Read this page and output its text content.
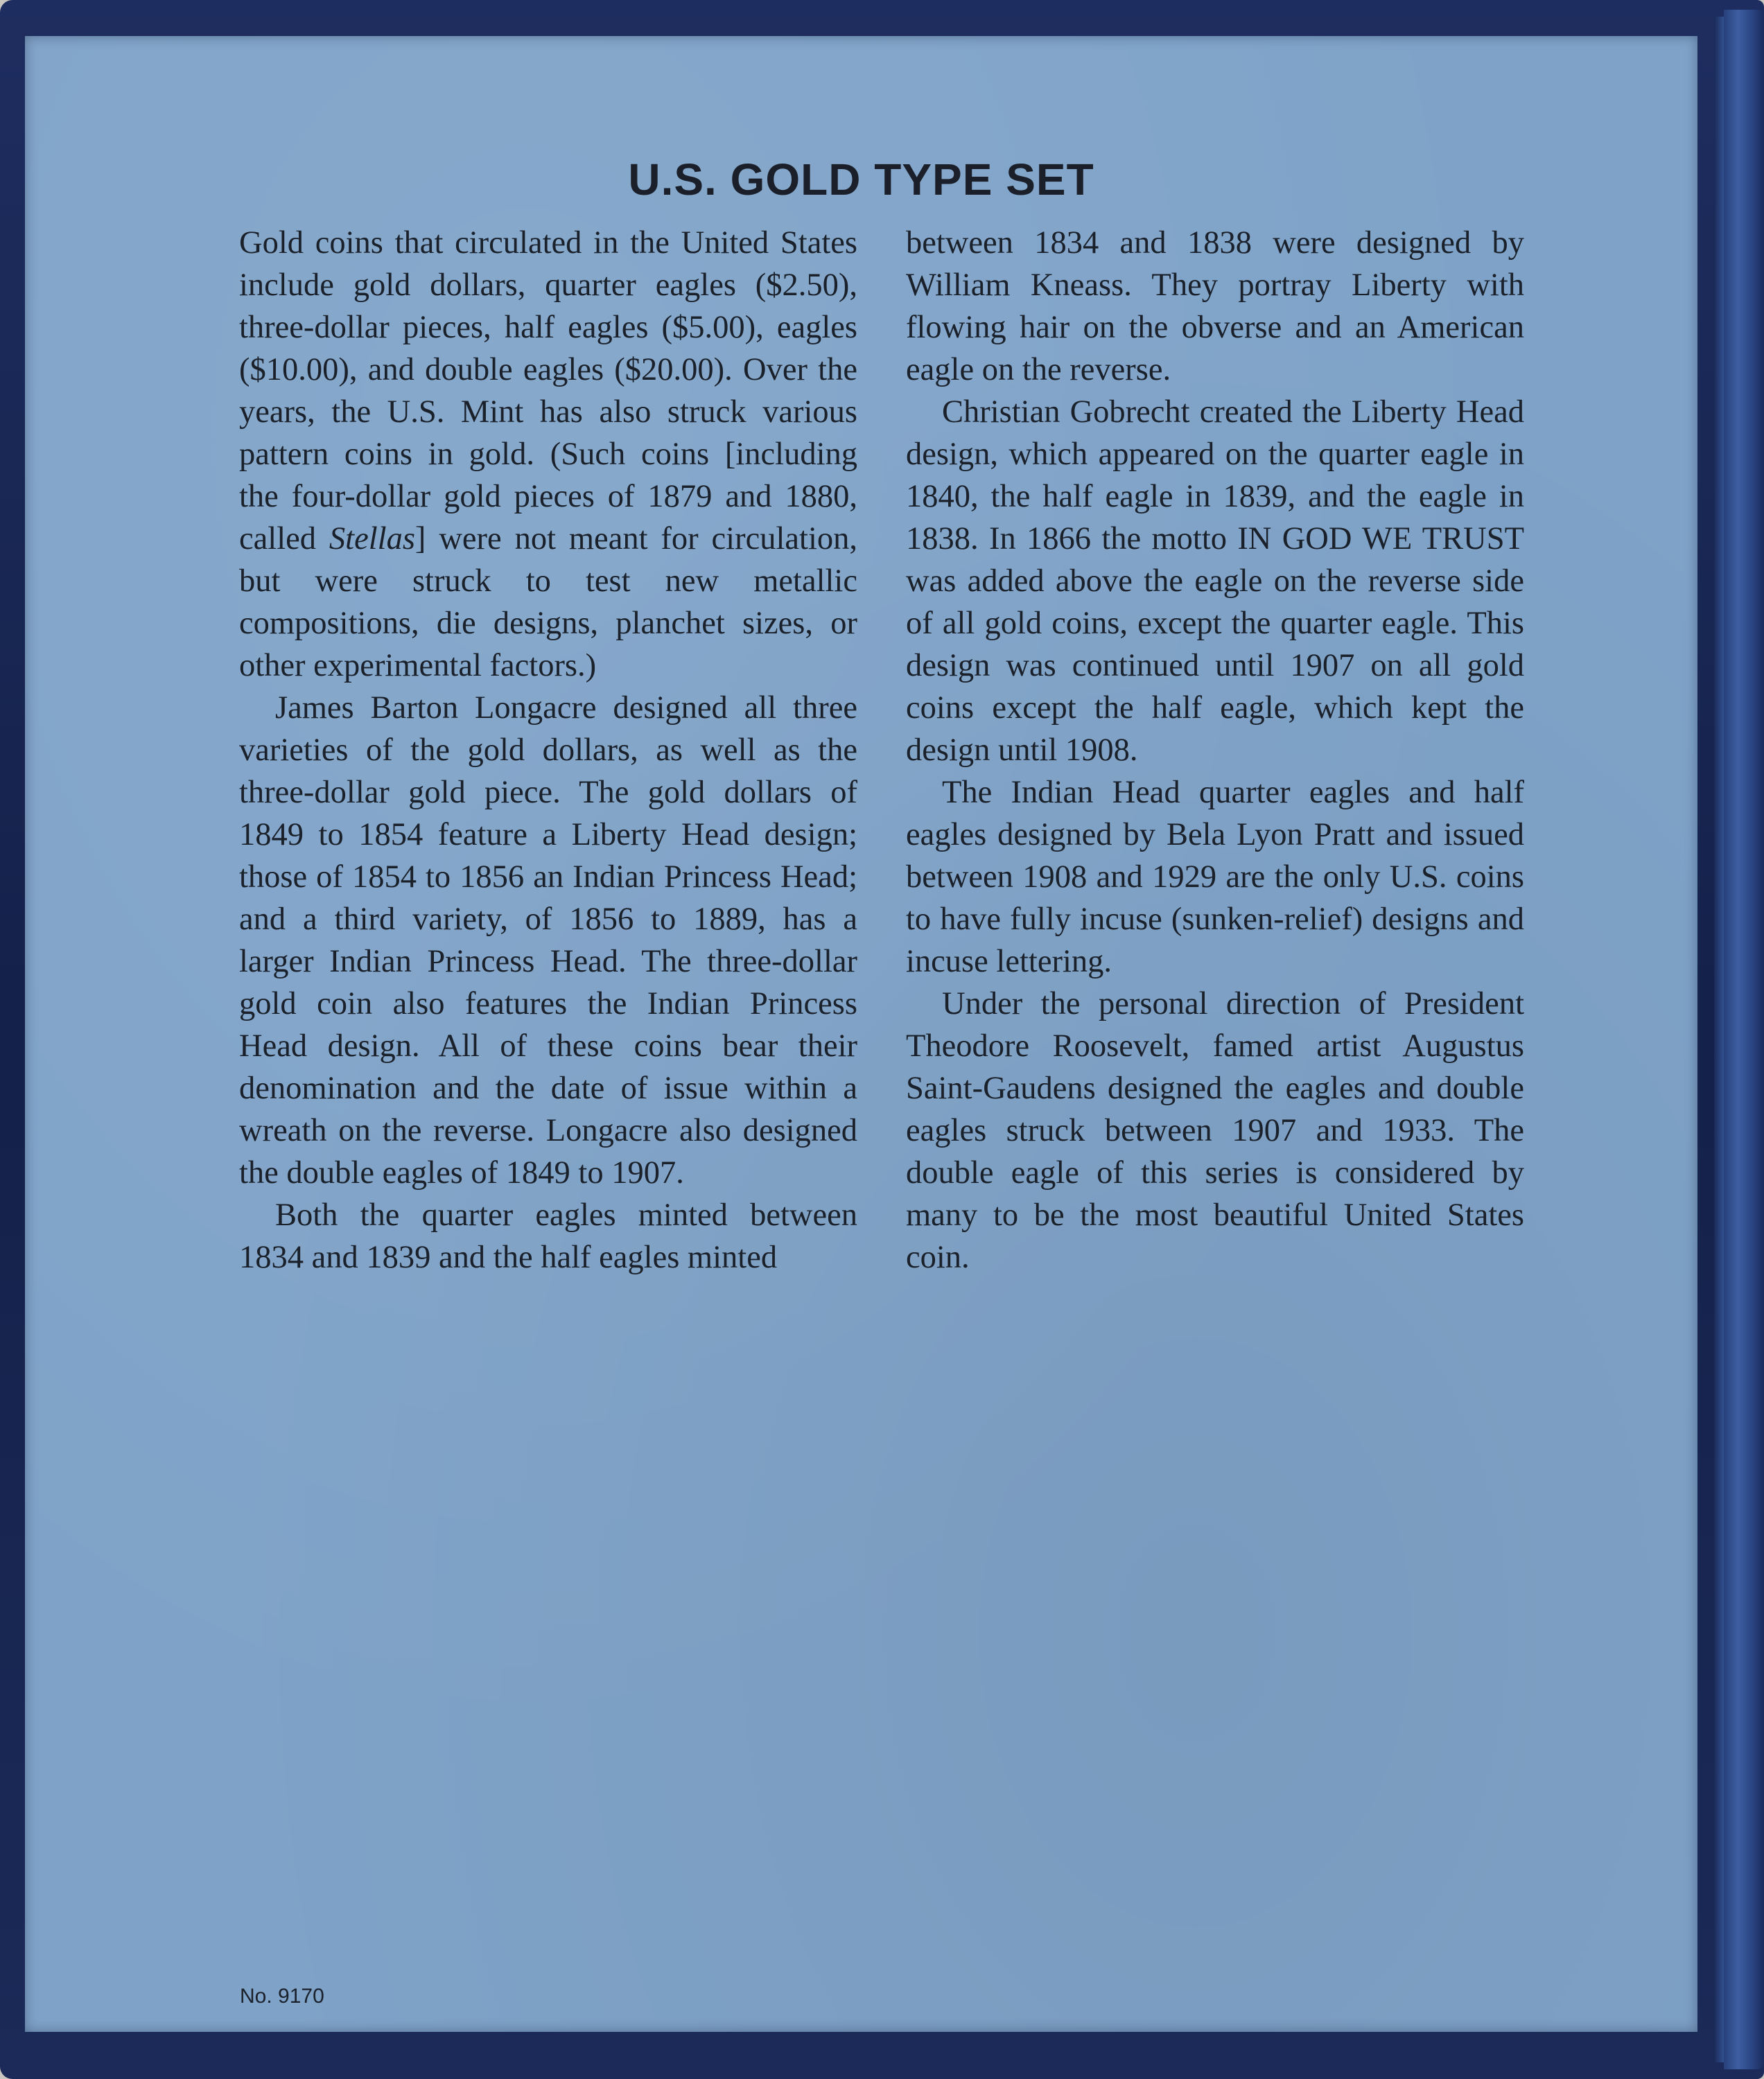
U.S. GOLD TYPE SET

Gold coins that circulated in the United States include gold dollars, quarter eagles ($2.50), three-dollar pieces, half eagles ($5.00), eagles ($10.00), and double eagles ($20.00). Over the years, the U.S. Mint has also struck various pattern coins in gold. (Such coins [including the four-dollar gold pieces of 1879 and 1880, called Stellas] were not meant for circulation, but were struck to test new metallic compositions, die designs, planchet sizes, or other experimental factors.)

James Barton Longacre designed all three varieties of the gold dollars, as well as the three-dollar gold piece. The gold dollars of 1849 to 1854 feature a Liberty Head design; those of 1854 to 1856 an Indian Princess Head; and a third variety, of 1856 to 1889, has a larger Indian Princess Head. The three-dollar gold coin also features the Indian Princess Head design. All of these coins bear their denomination and the date of issue within a wreath on the reverse. Longacre also designed the double eagles of 1849 to 1907.

Both the quarter eagles minted between 1834 and 1839 and the half eagles minted

between 1834 and 1838 were designed by William Kneass. They portray Liberty with flowing hair on the obverse and an American eagle on the reverse.

Christian Gobrecht created the Liberty Head design, which appeared on the quarter eagle in 1840, the half eagle in 1839, and the eagle in 1838. In 1866 the motto IN GOD WE TRUST was added above the eagle on the reverse side of all gold coins, except the quarter eagle. This design was continued until 1907 on all gold coins except the half eagle, which kept the design until 1908.

The Indian Head quarter eagles and half eagles designed by Bela Lyon Pratt and issued between 1908 and 1929 are the only U.S. coins to have fully incuse (sunken-relief) designs and incuse lettering.

Under the personal direction of President Theodore Roosevelt, famed artist Augustus Saint-Gaudens designed the eagles and double eagles struck between 1907 and 1933. The double eagle of this series is considered by many to be the most beautiful United States coin.

No. 9170
